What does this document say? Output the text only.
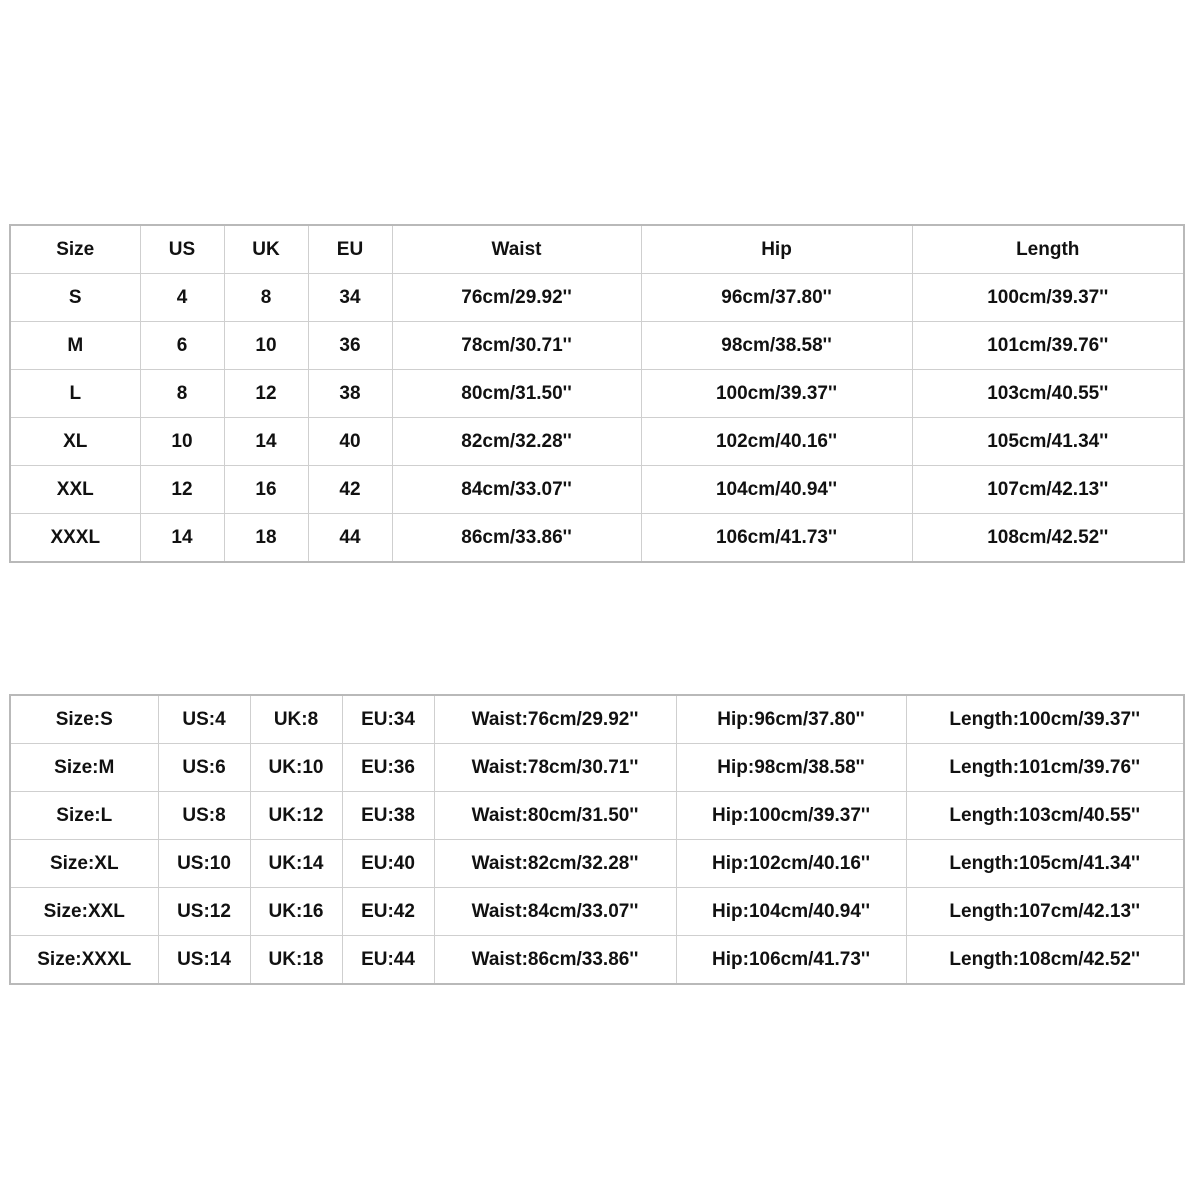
Size	US	UK	EU	Waist	Hip	Length
S	4	8	34	76cm/29.92''	96cm/37.80''	100cm/39.37''
M	6	10	36	78cm/30.71''	98cm/38.58''	101cm/39.76''
L	8	12	38	80cm/31.50''	100cm/39.37''	103cm/40.55''
XL	10	14	40	82cm/32.28''	102cm/40.16''	105cm/41.34''
XXL	12	16	42	84cm/33.07''	104cm/40.94''	107cm/42.13''
XXXL	14	18	44	86cm/33.86''	106cm/41.73''	108cm/42.52''
Size:S	US:4	UK:8	EU:34	Waist:76cm/29.92''	Hip:96cm/37.80''	Length:100cm/39.37''
Size:M	US:6	UK:10	EU:36	Waist:78cm/30.71''	Hip:98cm/38.58''	Length:101cm/39.76''
Size:L	US:8	UK:12	EU:38	Waist:80cm/31.50''	Hip:100cm/39.37''	Length:103cm/40.55''
Size:XL	US:10	UK:14	EU:40	Waist:82cm/32.28''	Hip:102cm/40.16''	Length:105cm/41.34''
Size:XXL	US:12	UK:16	EU:42	Waist:84cm/33.07''	Hip:104cm/40.94''	Length:107cm/42.13''
Size:XXXL	US:14	UK:18	EU:44	Waist:86cm/33.86''	Hip:106cm/41.73''	Length:108cm/42.52''
